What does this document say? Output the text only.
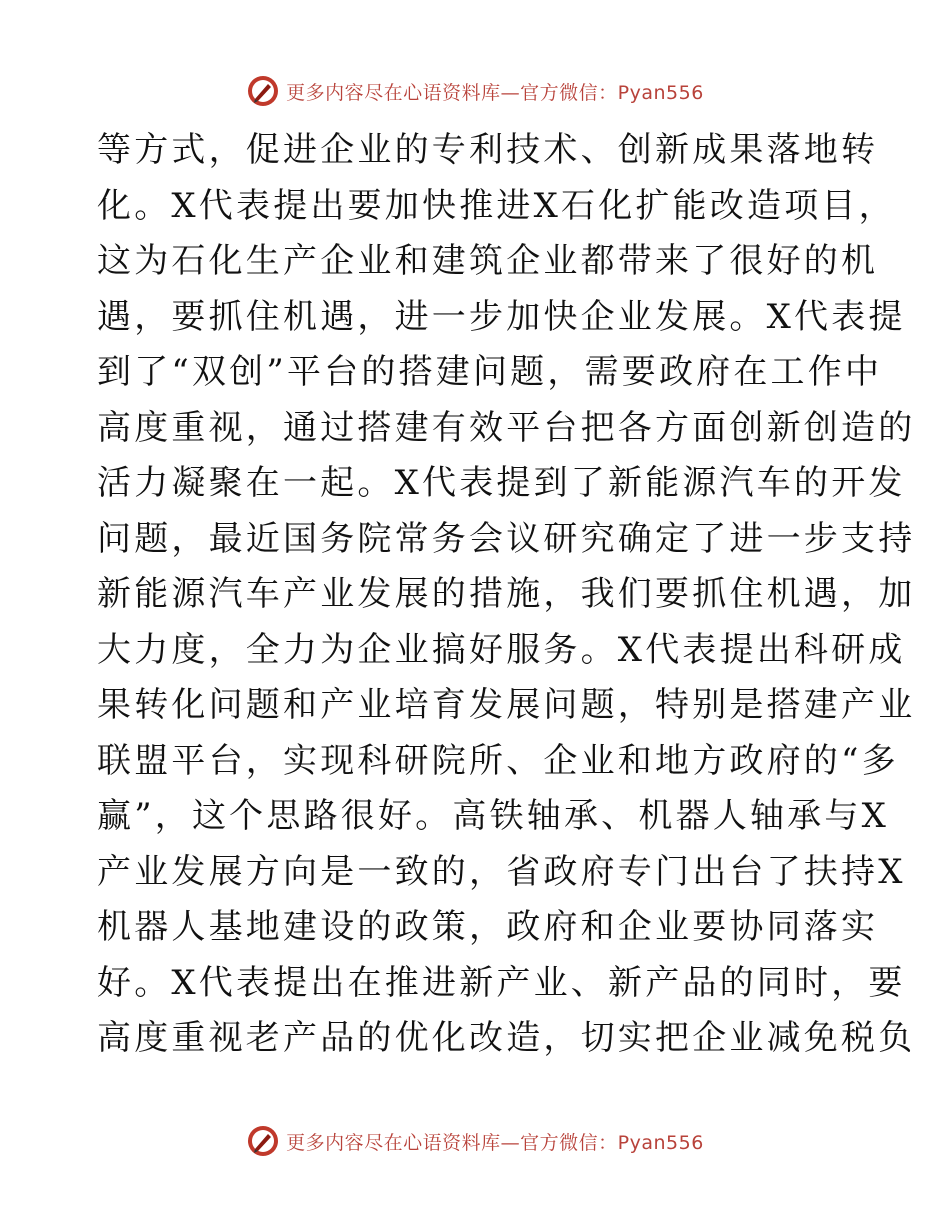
更多内容尽在心语资料库—官方微信：Pyan556
等方式，促进企业的专利技术、创新成果落地转
化。X代表提出要加快推进X石化扩能改造项目，
这为石化生产企业和建筑企业都带来了很好的机
遇，要抓住机遇，进一步加快企业发展。X代表提
到了“双创”平台的搭建问题，需要政府在工作中
高度重视，通过搭建有效平台把各方面创新创造的
活力凝聚在一起。X代表提到了新能源汽车的开发
问题，最近国务院常务会议研究确定了进一步支持
新能源汽车产业发展的措施，我们要抓住机遇，加
大力度，全力为企业搞好服务。X代表提出科研成
果转化问题和产业培育发展问题，特别是搭建产业
联盟平台，实现科研院所、企业和地方政府的“多
赢”，这个思路很好。高铁轴承、机器人轴承与X
产业发展方向是一致的，省政府专门出台了扶持X
机器人基地建设的政策，政府和企业要协同落实
好。X代表提出在推进新产业、新产品的同时，要
高度重视老产品的优化改造，切实把企业减免税负
更多内容尽在心语资料库—官方微信：Pyan556
